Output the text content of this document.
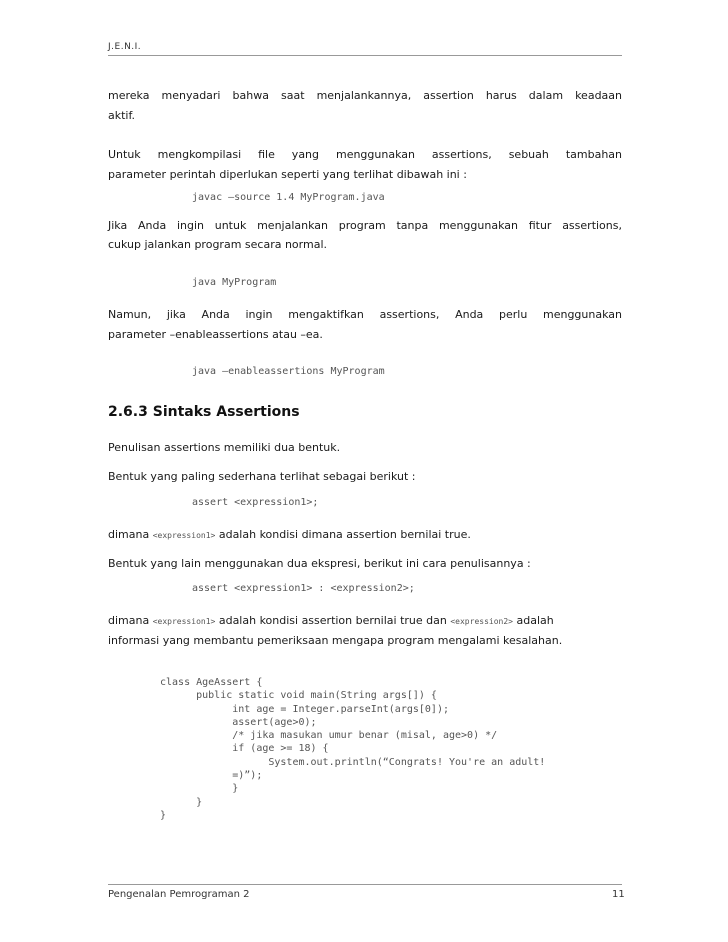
J.E.N.I.
mereka menyadari bahwa saat menjalankannya, assertion harus dalam keadaan
aktif.
Untuk mengkompilasi file yang menggunakan assertions, sebuah tambahan
parameter perintah diperlukan seperti yang terlihat dibawah ini :
javac –source 1.4 MyProgram.java
Jika Anda ingin untuk menjalankan program tanpa menggunakan fitur assertions,
cukup jalankan program secara normal.
java MyProgram
Namun, jika Anda ingin mengaktifkan assertions, Anda perlu menggunakan
parameter –enableassertions atau –ea.
java –enableassertions MyProgram
2.6.3 Sintaks Assertions
Penulisan assertions memiliki dua bentuk.
Bentuk yang paling sederhana terlihat sebagai berikut :
assert <expression1>;
dimana <expression1> adalah kondisi dimana assertion bernilai true.
Bentuk yang lain menggunakan dua ekspresi, berikut ini cara penulisannya :
assert <expression1> : <expression2>;
dimana <expression1> adalah kondisi assertion bernilai true dan <expression2> adalah
informasi yang membantu pemeriksaan mengapa program mengalami kesalahan.
class AgeAssert {
public static void main(String args[]) {
int age = Integer.parseInt(args[0]);
assert(age>0);
/* jika masukan umur benar (misal, age>0) */
if (age >= 18) {
System.out.println(“Congrats! You're an adult!
=)”);
}
}
}
Pengenalan Pemrograman 2	11
